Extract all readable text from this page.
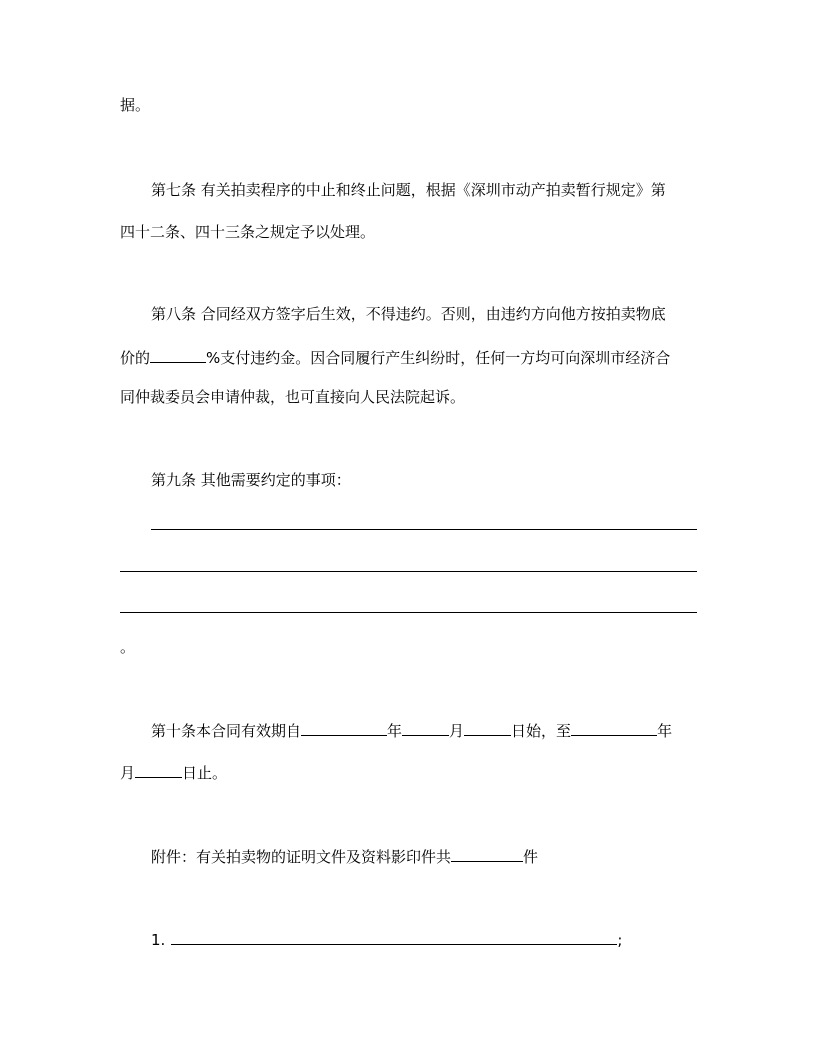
据。
第七条 有关拍卖程序的中止和终止问题，根据《深圳市动产拍卖暂行规定》第
四十二条、四十三条之规定予以处理。
第八条 合同经双方签字后生效，不得违约。否则，由违约方向他方按拍卖物底
价的	%支付违约金。因合同履行产生纠纷时，任何一方均可向深圳市经济合
同仲裁委员会申请仲裁，也可直接向人民法院起诉。
第九条 其他需要约定的事项：
。
第十条本合同有效期自	年	月	日始，至	年
月	日止。
附件：有关拍卖物的证明文件及资料影印件共	件
1.	;
